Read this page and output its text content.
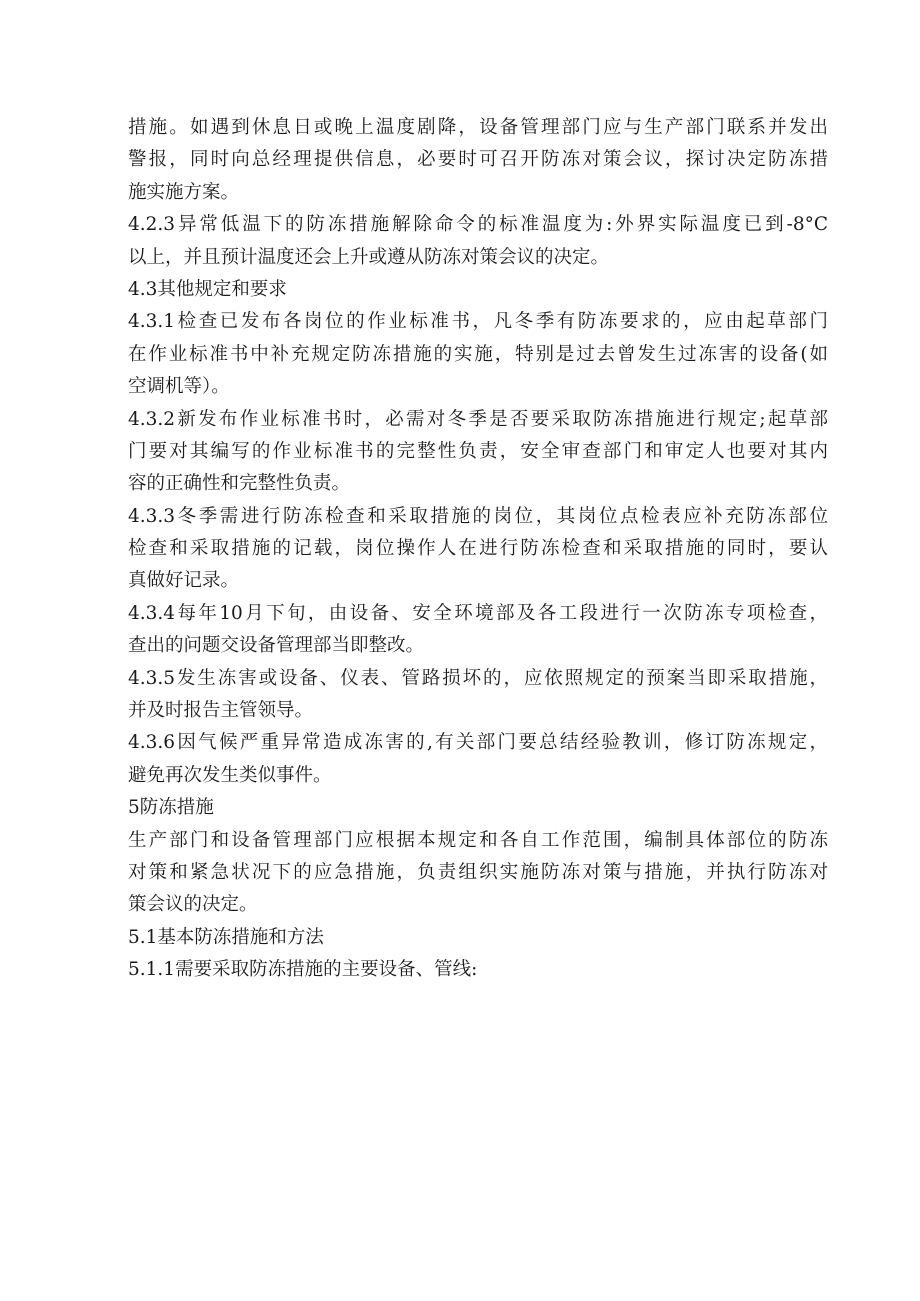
措施。如遇到休息日或晚上温度剧降，设备管理部门应与生产部门联系并发出
警报，同时向总经理提供信息，必要时可召开防冻对策会议，探讨决定防冻措
施实施方案。
4.2.3异常低温下的防冻措施解除命令的标准温度为:外界实际温度已到-8°C
以上，并且预计温度还会上升或遵从防冻对策会议的决定。
4.3其他规定和要求
4.3.1检查已发布各岗位的作业标准书，凡冬季有防冻要求的，应由起草部门
在作业标准书中补充规定防冻措施的实施，特别是过去曾发生过冻害的设备(如
空调机等）。
4.3.2新发布作业标准书时，必需对冬季是否要采取防冻措施进行规定;起草部
门要对其编写的作业标准书的完整性负责，安全审查部门和审定人也要对其内
容的正确性和完整性负责。
4.3.3冬季需进行防冻检查和采取措施的岗位，其岗位点检表应补充防冻部位
检查和采取措施的记载，岗位操作人在进行防冻检查和采取措施的同时，要认
真做好记录。
4.3.4每年10月下旬，由设备、安全环境部及各工段进行一次防冻专项检查，
查出的问题交设备管理部当即整改。
4.3.5发生冻害或设备、仪表、管路损坏的，应依照规定的预案当即采取措施，
并及时报告主管领导。
4.3.6因气候严重异常造成冻害的,有关部门要总结经验教训，修订防冻规定，
避免再次发生类似事件。
5防冻措施
生产部门和设备管理部门应根据本规定和各自工作范围，编制具体部位的防冻
对策和紧急状况下的应急措施，负责组织实施防冻对策与措施，并执行防冻对
策会议的决定。
5.1基本防冻措施和方法
5.1.1需要采取防冻措施的主要设备、管线:
